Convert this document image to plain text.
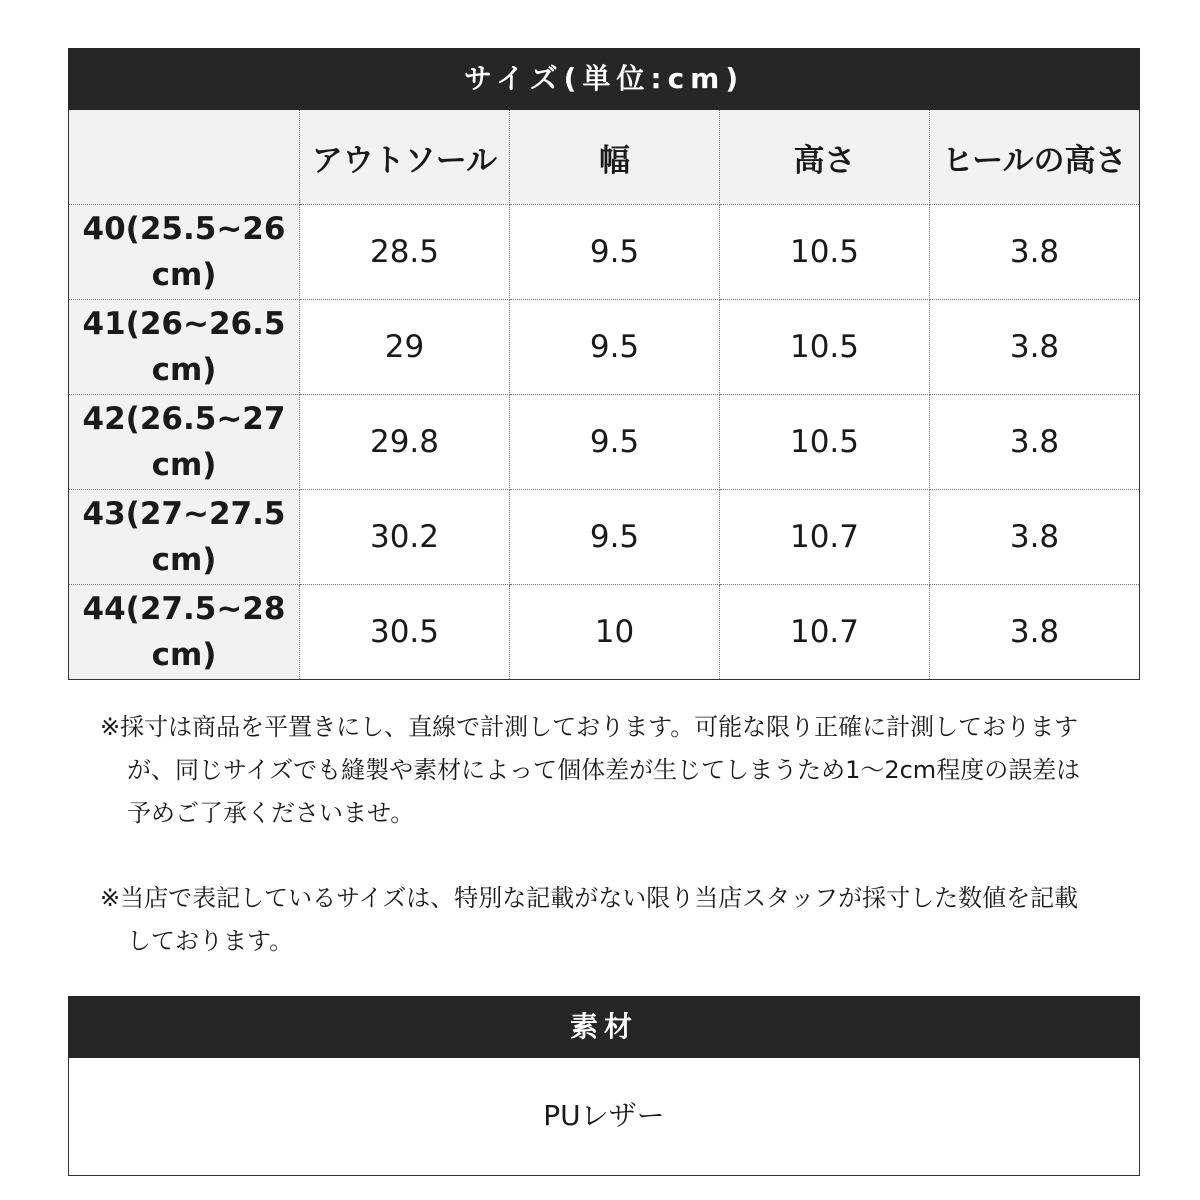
サイズ(単位:cm)
	アウトソール	幅	高さ	ヒールの高さ

40(25.5~26
cm)	28.5	9.5	10.5	3.8

41(26~26.5
cm)	29	9.5	10.5	3.8

42(26.5~27
cm)	29.8	9.5	10.5	3.8

43(27~27.5
cm)	30.2	9.5	10.7	3.8

44(27.5~28
cm)	30.5	10	10.7	3.8
※採寸は商品を平置きにし、直線で計測しております。可能な限り正確に計測しておりますが、同じサイズでも縫製や素材によって個体差が生じてしまうため1～2cm程度の誤差は予めご了承くださいませ。
※当店で表記しているサイズは、特別な記載がない限り当店スタッフが採寸した数値を記載しております。
素材
PUレザー
